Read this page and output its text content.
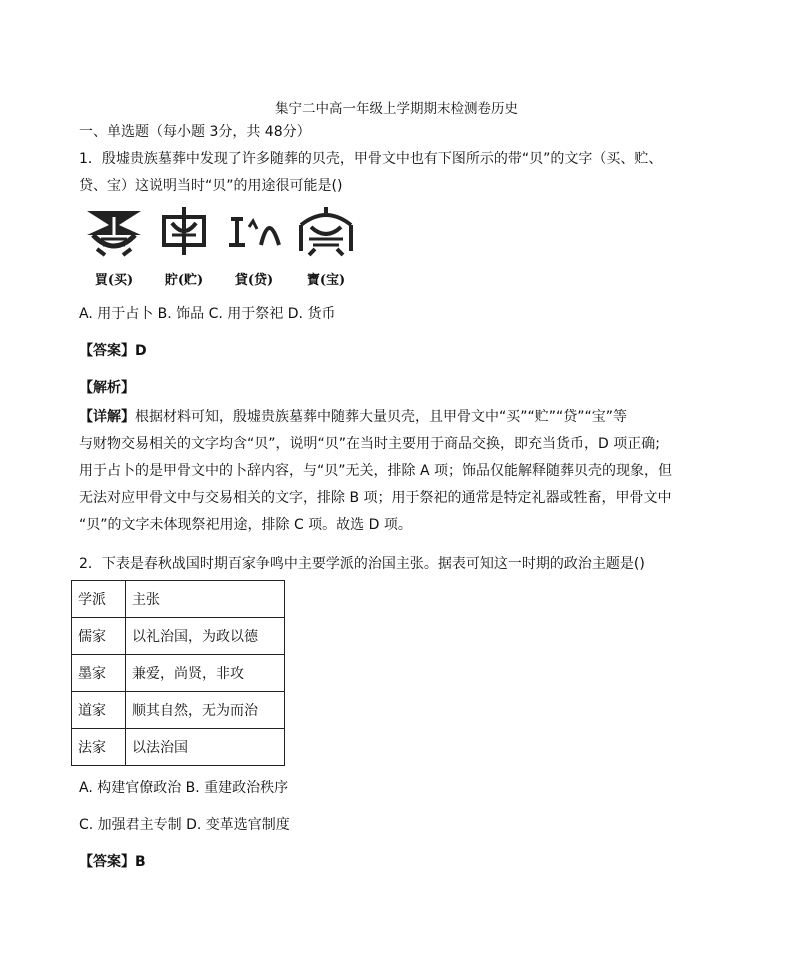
集宁二中高一年级上学期期末检测卷历史
一、单选题（每小题 3分，共 48分）
1．殷墟贵族墓葬中发现了许多随葬的贝壳，甲骨文中也有下图所示的带“贝”的文字（买、贮、
贷、宝）这说明当时“贝”的用途很可能是()
買(买)	貯(贮)	貸(贷)	寶(宝)
A. 用于占卜 B. 饰品 C. 用于祭祀 D. 货币
【答案】D
【解析】
【详解】根据材料可知，殷墟贵族墓葬中随葬大量贝壳，且甲骨文中“买”“贮”“贷”“宝”等
与财物交易相关的文字均含“贝”，说明“贝”在当时主要用于商品交换，即充当货币，D 项正确;
用于占卜的是甲骨文中的卜辞内容，与“贝”无关，排除 A 项；饰品仅能解释随葬贝壳的现象，但
无法对应甲骨文中与交易相关的文字，排除 B 项；用于祭祀的通常是特定礼器或牲畜，甲骨文中
“贝”的文字未体现祭祀用途，排除 C 项。故选 D 项。
2．下表是春秋战国时期百家争鸣中主要学派的治国主张。据表可知这一时期的政治主题是()
学派	主张
儒家	以礼治国，为政以德
墨家	兼爱，尚贤，非攻
道家	顺其自然，无为而治
法家	以法治国
A. 构建官僚政治 B. 重建政治秩序
C. 加强君主专制 D. 变革选官制度
【答案】B
